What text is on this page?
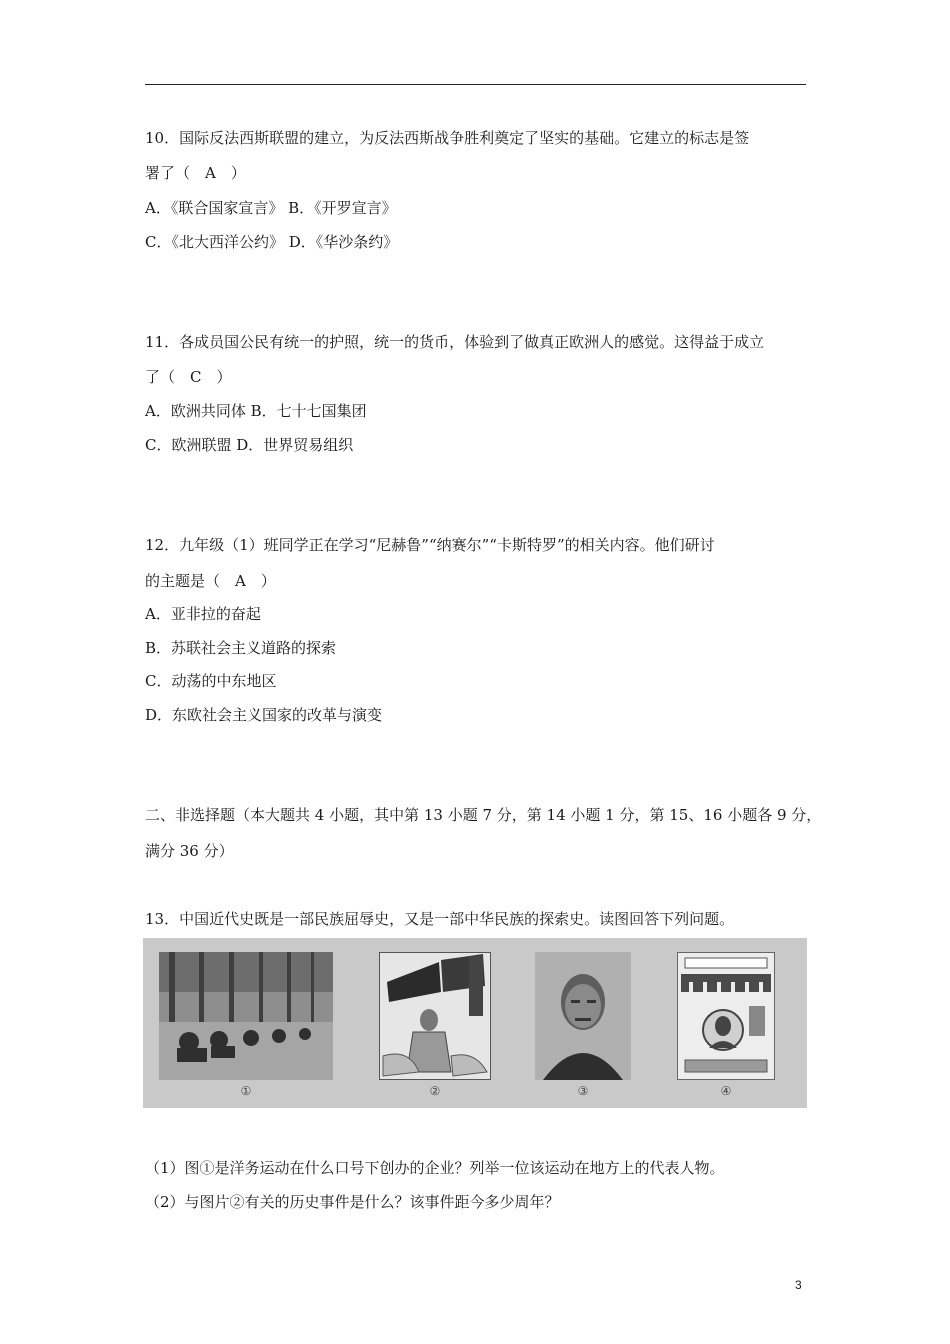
10．国际反法西斯联盟的建立，为反法西斯战争胜利奠定了坚实的基础。它建立的标志是签
署了（　A　）
A．《联合国家宣言》 B．《开罗宣言》
C．《北大西洋公约》 D．《华沙条约》
11．各成员国公民有统一的护照，统一的货币，体验到了做真正欧洲人的感觉。这得益于成立
了（　C　）
A．欧洲共同体 B．七十七国集团
C．欧洲联盟 D．世界贸易组织
12．九年级（1）班同学正在学习“尼赫鲁”“纳赛尔”“卡斯特罗”的相关内容。他们研讨
的主题是（　A　）
A．亚非拉的奋起
B．苏联社会主义道路的探索
C．动荡的中东地区
D．东欧社会主义国家的改革与演变
二、非选择题（本大题共 4 小题，其中第 13 小题 7 分，第 14 小题 1 分，第 15、16 小题各 9 分，
满分 36 分）
13．中国近代史既是一部民族屈辱史，又是一部中华民族的探索史。读图回答下列问题。
①	②	③	④
（1）图①是洋务运动在什么口号下创办的企业？列举一位该运动在地方上的代表人物。
（2）与图片②有关的历史事件是什么？该事件距今多少周年？
3
